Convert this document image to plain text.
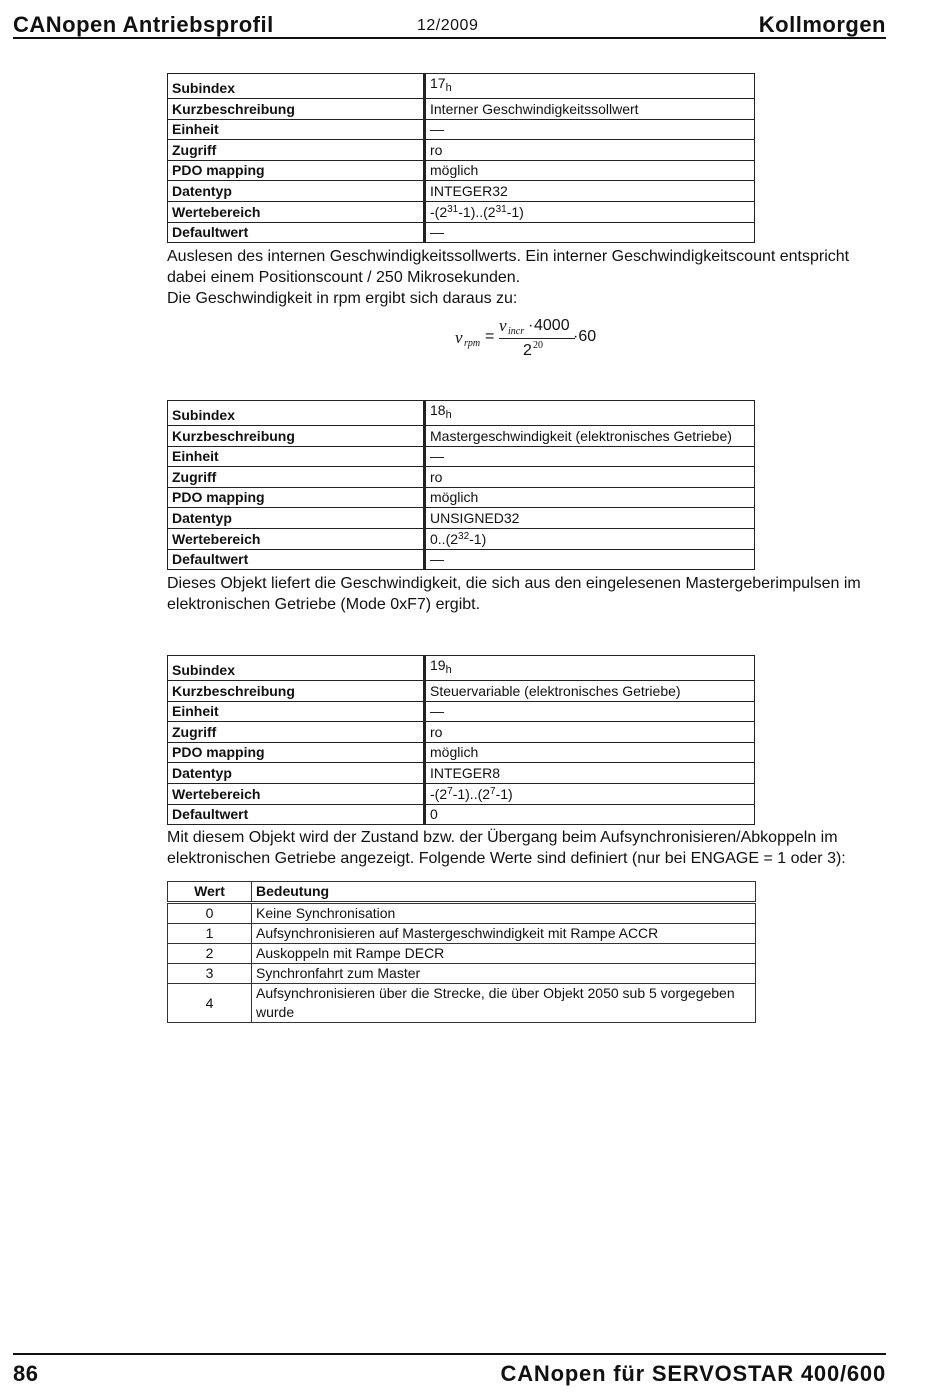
CANopen Antriebsprofil	12/2009	Kollmorgen
Subindex	$17_h$
Kurzbeschreibung	Interner Geschwindigkeitssollwert
Einheit	—
Zugriff	ro
PDO mapping	möglich
Datentyp	INTEGER32
Wertebereich	$-(2^{31}-1)..(2^{31}-1)$
Defaultwert	—

Auslesen des internen Geschwindigkeitssollwerts. Ein interner Geschwindigkeitscount entspricht
dabei einem Positionscount / 250 Mikrosekunden.
Die Geschwindigkeit in rpm ergibt sich daraus zu:

v rpm =
v incr · 4000
2 20
·60
Subindex	$18_h$
Kurzbeschreibung	Mastergeschwindigkeit (elektronisches Getriebe)
Einheit	—
Zugriff	ro
PDO mapping	möglich
Datentyp	UNSIGNED32
Wertebereich	$0..(2^{32}-1)$
Defaultwert	—

Dieses Objekt liefert die Geschwindigkeit, die sich aus den eingelesenen Mastergeberimpulsen im
elektronischen Getriebe (Mode 0xF7) ergibt.

Subindex	$19_h$
Kurzbeschreibung	Steuervariable (elektronisches Getriebe)
Einheit	—
Zugriff	ro
PDO mapping	möglich
Datentyp	INTEGER8
Wertebereich	$-(2^7-1)..(2^7-1)$
Defaultwert	0

Mit diesem Objekt wird der Zustand bzw. der Übergang beim Aufsynchronisieren/Abkoppeln im
elektronischen Getriebe angezeigt. Folgende Werte sind definiert (nur bei ENGAGE = 1 oder 3):

Wert	Bedeutung
0	Keine Synchronisation
1	Aufsynchronisieren auf Mastergeschwindigkeit mit Rampe ACCR
2	Auskoppeln mit Rampe DECR
3	Synchronfahrt zum Master
4	Aufsynchronisieren über die Strecke, die über Objekt 2050 sub 5 vorgegeben
wurde
86	CANopen für SERVOSTAR 400/600
